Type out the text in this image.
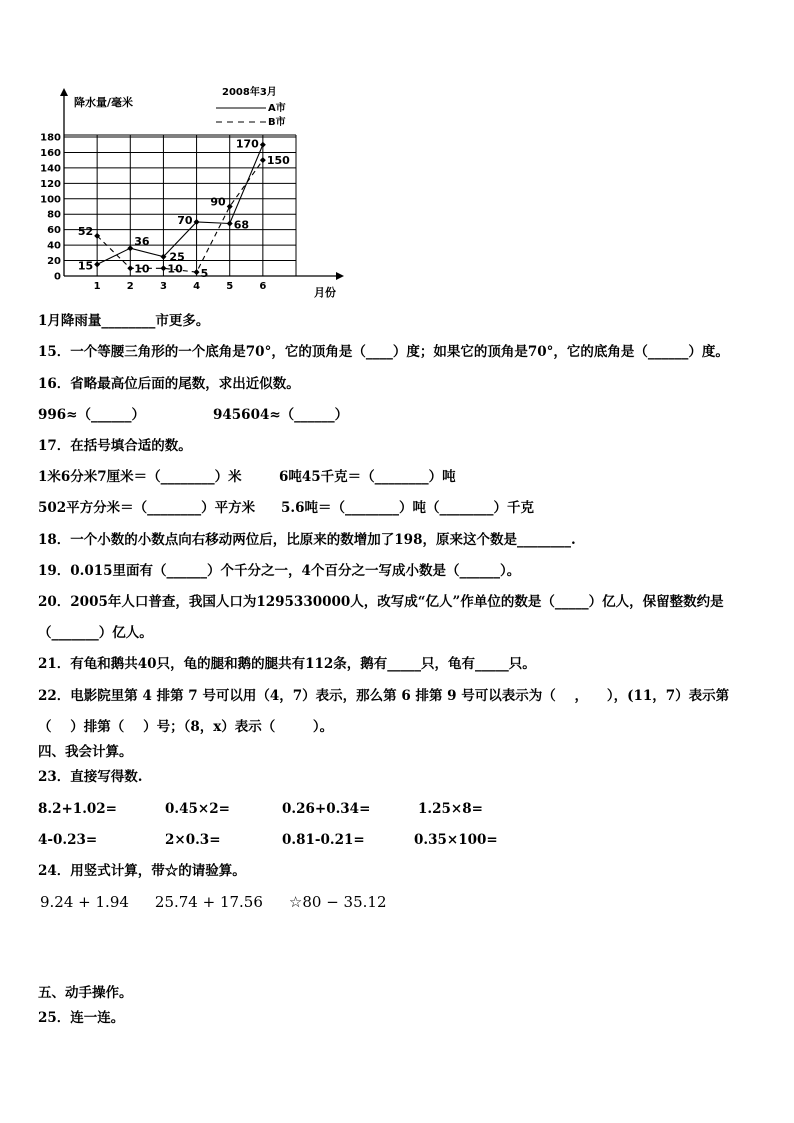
降水量/毫米
2008年3月
A市
B市
月份
0
20
40
60
80
100
120
140
160
180
1	2	3	4	5	6
15
36
25
70	68
170
52
10 10 5
90
150
1月降雨量________市更多。
15．一个等腰三角形的一个底角是70°，它的顶角是（____）度；如果它的顶角是70°，它的底角是（______）度。
16．省略最高位后面的尾数，求出近似数。
996≈（______）	945604≈（______）
17．在括号填合适的数。
1米6分米7厘米＝（________）米	6吨45千克＝（________）吨
502平方分米＝（________）平方米 5.6吨＝（________）吨（________）千克
18．一个小数的小数点向右移动两位后，比原来的数增加了198，原来这个数是________.
19．0.015里面有（______）个千分之一，4个百分之一写成小数是（______）。
20．2005年人口普查，我国人口为1295330000人，改写成“亿人”作单位的数是（_____）亿人，保留整数约是
（_______）亿人。
21．有龟和鹅共40只，龟的腿和鹅的腿共有112条，鹅有_____只，龟有_____只。
22．电影院里第 4 排第 7 号可以用（4，7）表示，那么第 6 排第 9 号可以表示为（    ，    ），(11，7）表示第
（    ）排第（    ）号；（8，x）表示（        ）。
四、我会计算。
23．直接写得数.
8.2+1.02=	0.45×2=	0.26+0.34=	1.25×8=
4-0.23=	2×0.3=	0.81-0.21=	0.35×100=
24．用竖式计算，带☆的请验算。
9.24 + 1.94 25.74 + 17.56 ☆80 − 35.12
五、动手操作。
25．连一连。
